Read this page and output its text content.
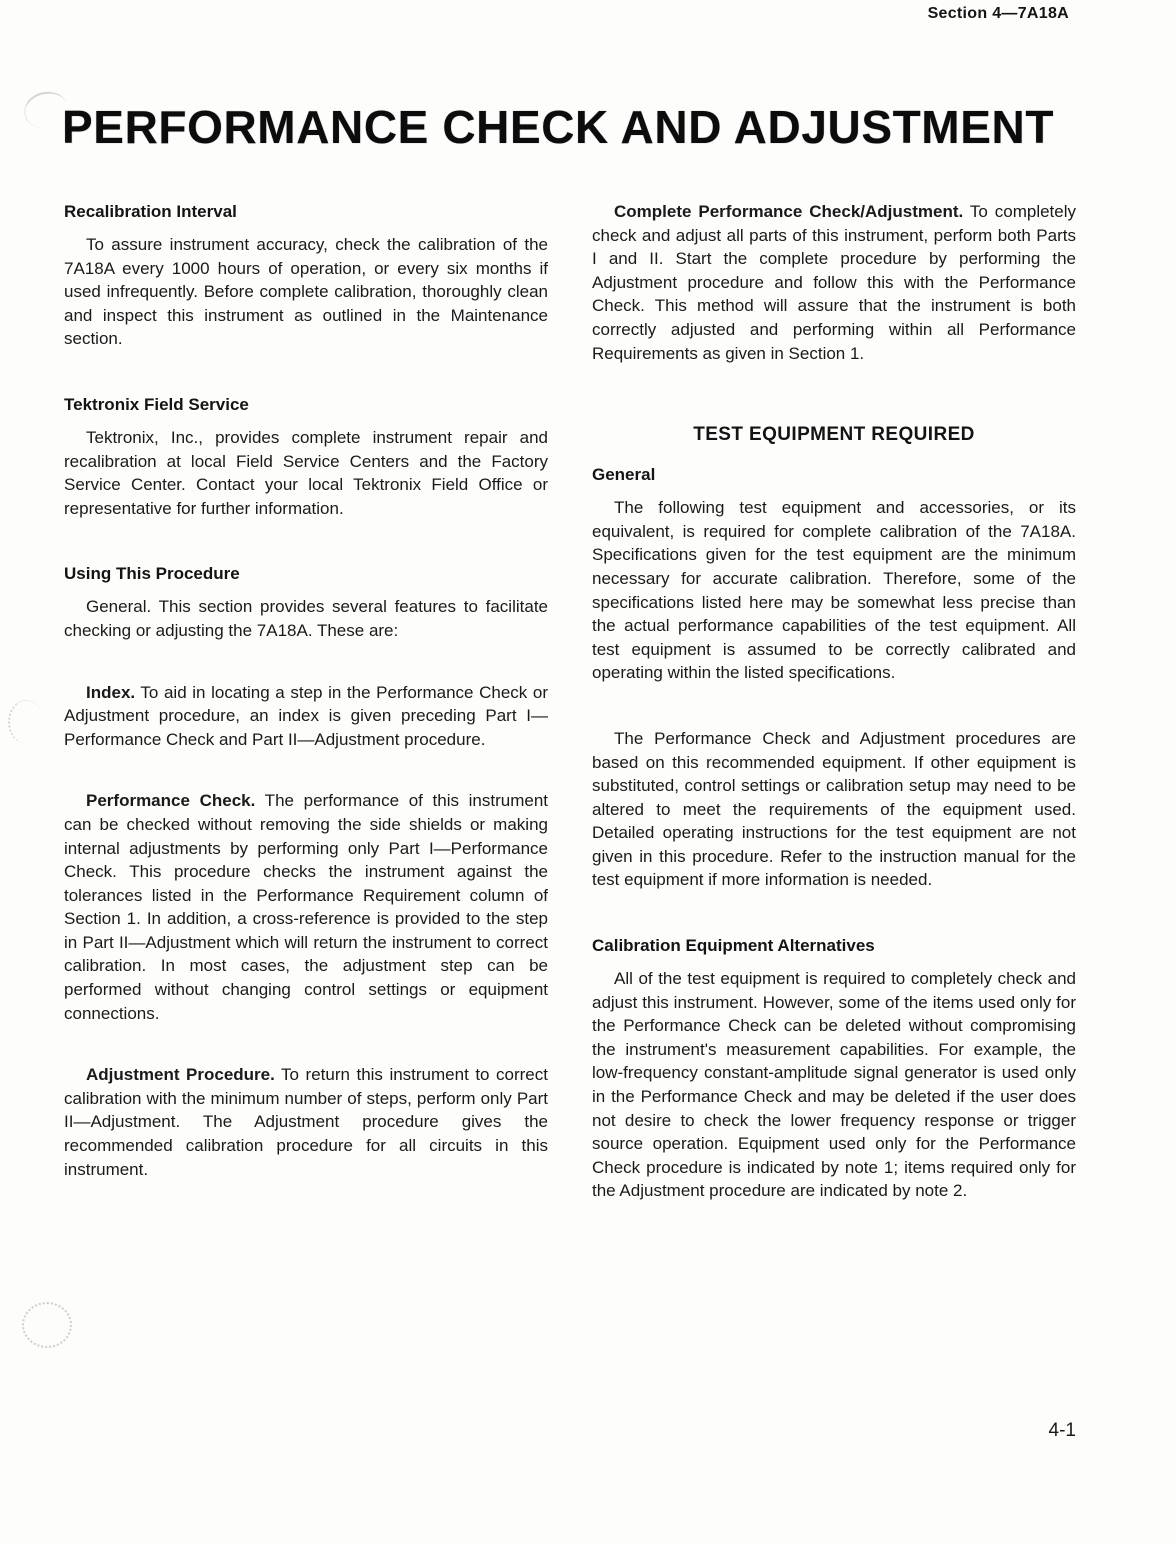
Section 4—7A18A
PERFORMANCE CHECK AND ADJUSTMENT
Recalibration Interval

To assure instrument accuracy, check the calibration of the 7A18A every 1000 hours of operation, or every six months if used infrequently. Before complete calibration, thoroughly clean and inspect this instrument as outlined in the Maintenance section.

Tektronix Field Service

Tektronix, Inc., provides complete instrument repair and recalibration at local Field Service Centers and the Factory Service Center. Contact your local Tektronix Field Office or representative for further information.

Using This Procedure

General. This section provides several features to facilitate checking or adjusting the 7A18A. These are:

Index. To aid in locating a step in the Performance Check or Adjustment procedure, an index is given preceding Part I—Performance Check and Part II—Adjustment procedure.

Performance Check. The performance of this instrument can be checked without removing the side shields or making internal adjustments by performing only Part I—Performance Check. This procedure checks the instrument against the tolerances listed in the Performance Requirement column of Section 1. In addition, a cross-reference is provided to the step in Part II—Adjustment which will return the instrument to correct calibration. In most cases, the adjustment step can be performed without changing control settings or equipment connections.

Adjustment Procedure. To return this instrument to correct calibration with the minimum number of steps, perform only Part II—Adjustment. The Adjustment procedure gives the recommended calibration procedure for all circuits in this instrument.

Complete Performance Check/Adjustment. To completely check and adjust all parts of this instrument, perform both Parts I and II. Start the complete procedure by performing the Adjustment procedure and follow this with the Performance Check. This method will assure that the instrument is both correctly adjusted and performing within all Performance Requirements as given in Section 1.

TEST EQUIPMENT REQUIRED
General

The following test equipment and accessories, or its equivalent, is required for complete calibration of the 7A18A. Specifications given for the test equipment are the minimum necessary for accurate calibration. Therefore, some of the specifications listed here may be somewhat less precise than the actual performance capabilities of the test equipment. All test equipment is assumed to be correctly calibrated and operating within the listed specifications.

The Performance Check and Adjustment procedures are based on this recommended equipment. If other equipment is substituted, control settings or calibration setup may need to be altered to meet the requirements of the equipment used. Detailed operating instructions for the test equipment are not given in this procedure. Refer to the instruction manual for the test equipment if more information is needed.

Calibration Equipment Alternatives

All of the test equipment is required to completely check and adjust this instrument. However, some of the items used only for the Performance Check can be deleted without compromising the instrument's measurement capabilities. For example, the low-frequency constant-amplitude signal generator is used only in the Performance Check and may be deleted if the user does not desire to check the lower frequency response or trigger source operation. Equipment used only for the Performance Check procedure is indicated by note 1; items required only for the Adjustment procedure are indicated by note 2.

4-1
